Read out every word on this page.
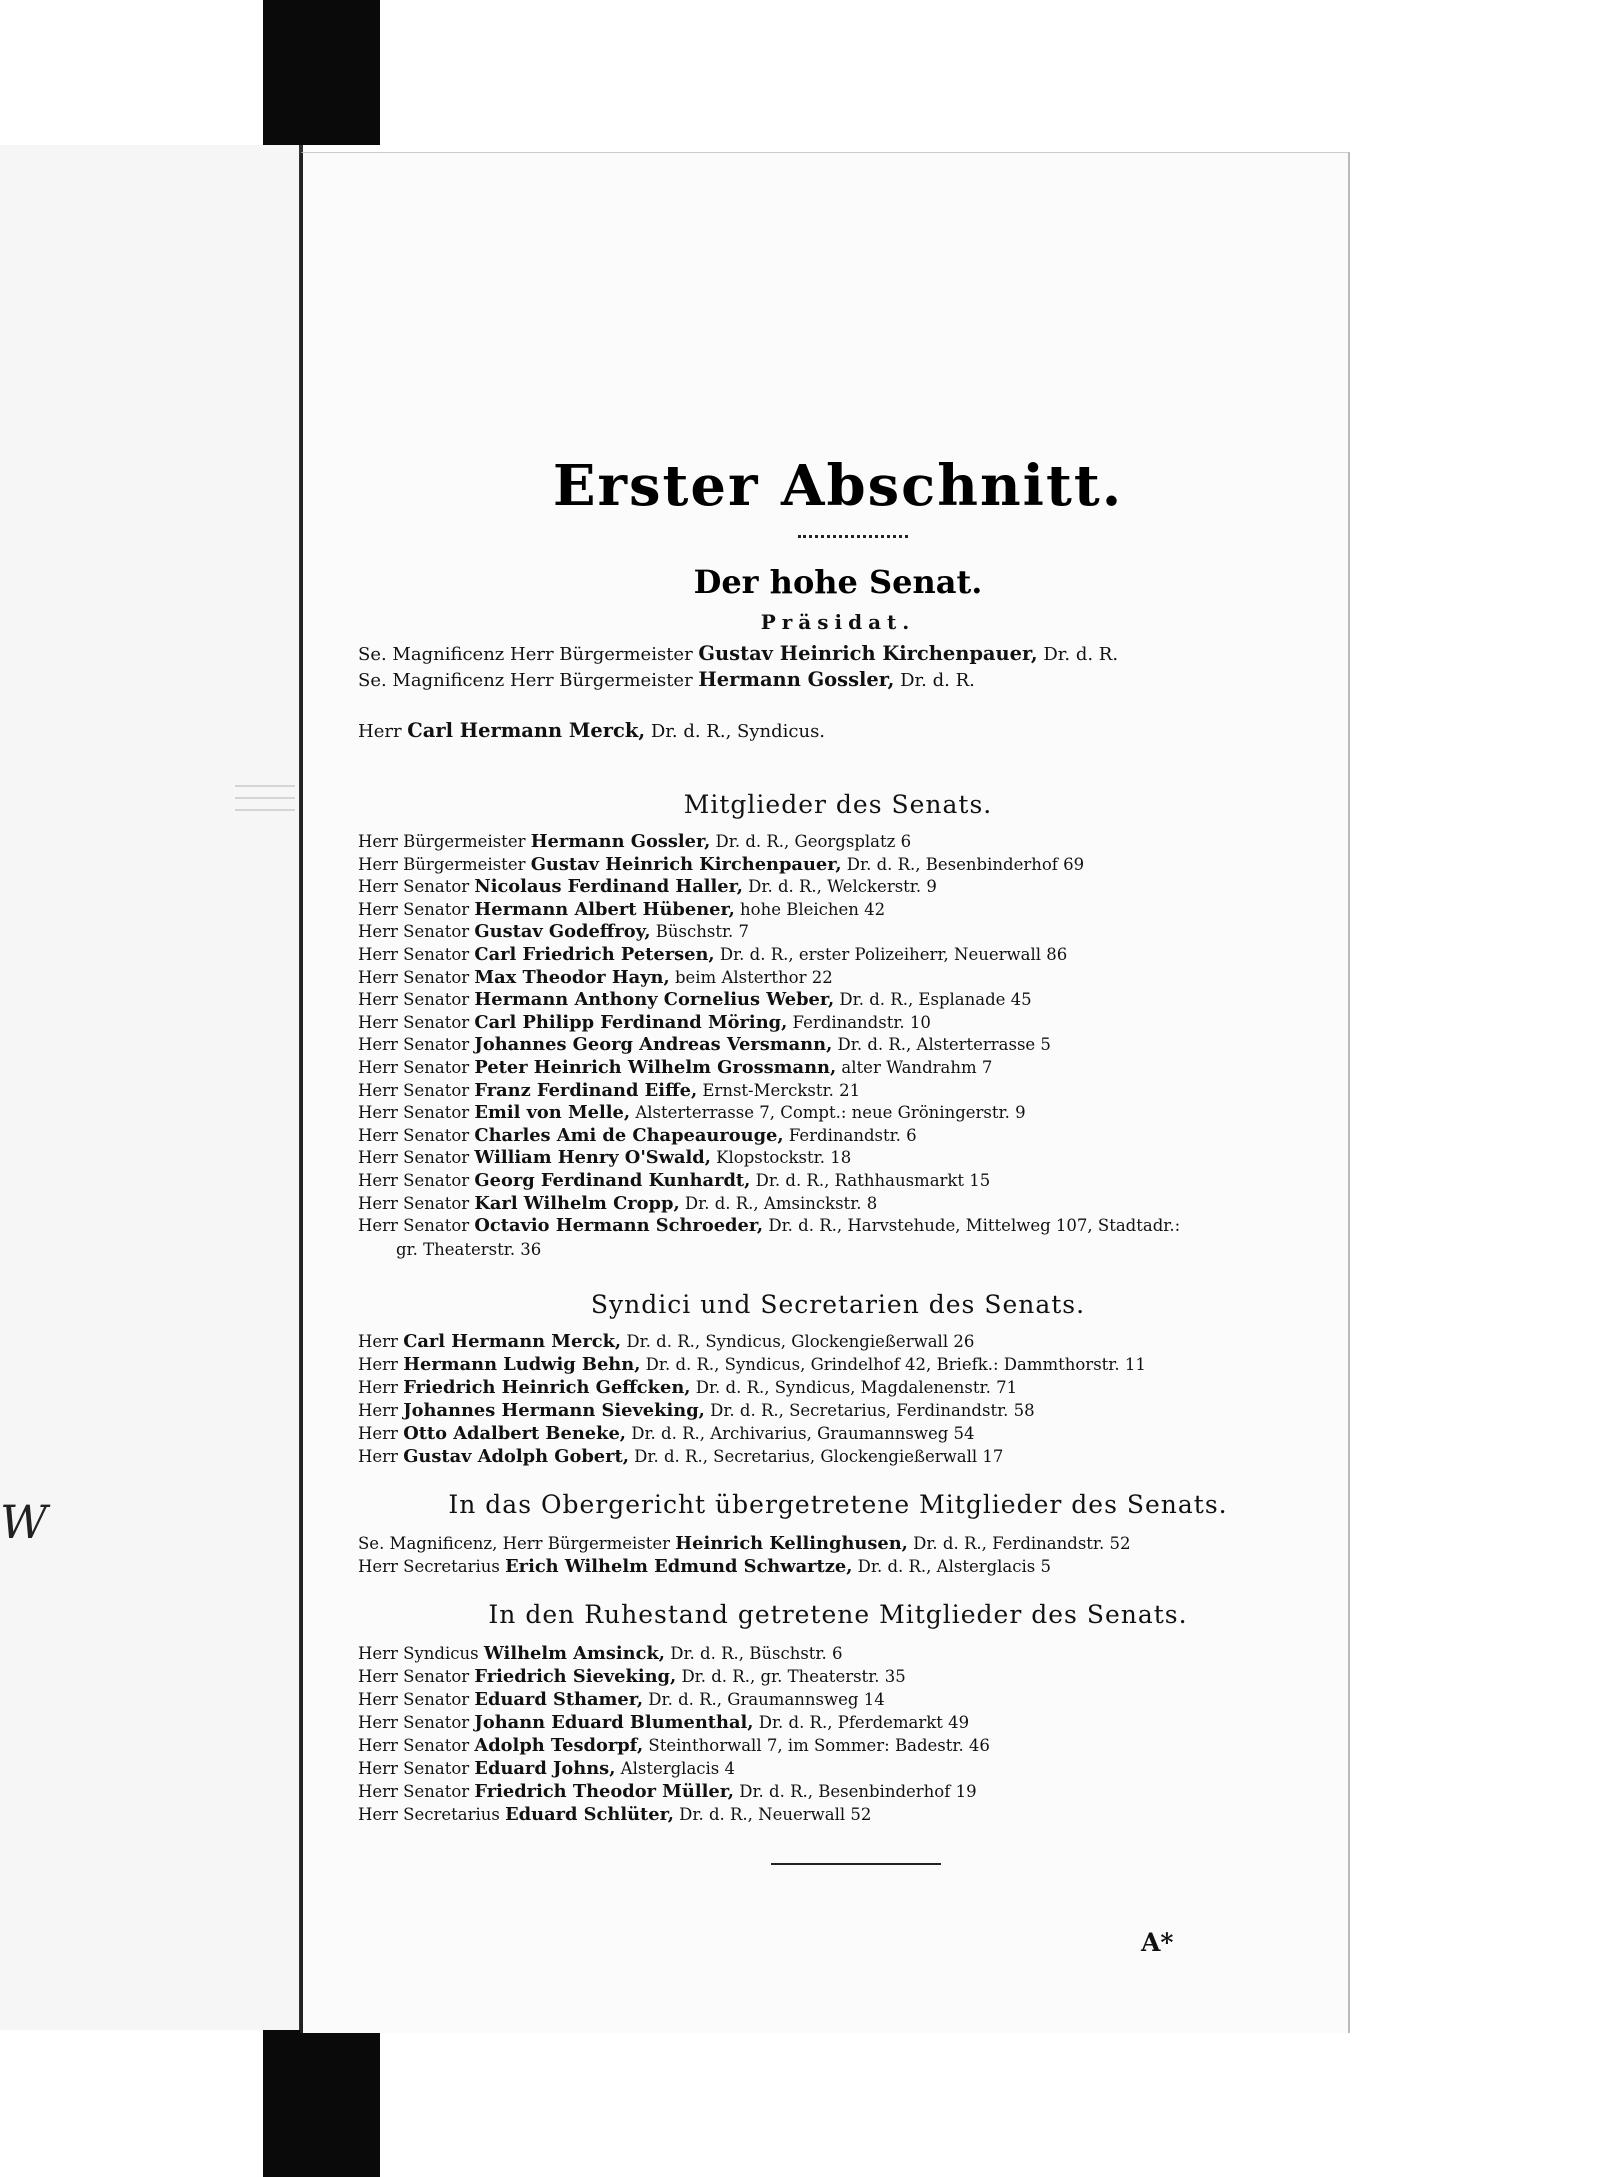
W
Erster Abschnitt.
Der hohe Senat.
Präsidat.
Se. Magnificenz Herr Bürgermeister Gustav Heinrich Kirchenpauer, Dr. d. R.
Se. Magnificenz Herr Bürgermeister Hermann Gossler, Dr. d. R.
Herr Carl Hermann Merck, Dr. d. R., Syndicus.
Mitglieder des Senats.
Herr Bürgermeister Hermann Gossler, Dr. d. R., Georgsplatz 6
Herr Bürgermeister Gustav Heinrich Kirchenpauer, Dr. d. R., Besenbinderhof 69
Herr Senator Nicolaus Ferdinand Haller, Dr. d. R., Welckerstr. 9
Herr Senator Hermann Albert Hübener, hohe Bleichen 42
Herr Senator Gustav Godeffroy, Büschstr. 7
Herr Senator Carl Friedrich Petersen, Dr. d. R., erster Polizeiherr, Neuerwall 86
Herr Senator Max Theodor Hayn, beim Alsterthor 22
Herr Senator Hermann Anthony Cornelius Weber, Dr. d. R., Esplanade 45
Herr Senator Carl Philipp Ferdinand Möring, Ferdinandstr. 10
Herr Senator Johannes Georg Andreas Versmann, Dr. d. R., Alsterterrasse 5
Herr Senator Peter Heinrich Wilhelm Grossmann, alter Wandrahm 7
Herr Senator Franz Ferdinand Eiffe, Ernst-Merckstr. 21
Herr Senator Emil von Melle, Alsterterrasse 7, Compt.: neue Gröningerstr. 9
Herr Senator Charles Ami de Chapeaurouge, Ferdinandstr. 6
Herr Senator William Henry O'Swald, Klopstockstr. 18
Herr Senator Georg Ferdinand Kunhardt, Dr. d. R., Rathhausmarkt 15
Herr Senator Karl Wilhelm Cropp, Dr. d. R., Amsinckstr. 8
Herr Senator Octavio Hermann Schroeder, Dr. d. R., Harvstehude, Mittelweg 107, Stadtadr.:
gr. Theaterstr. 36
Syndici und Secretarien des Senats.
Herr Carl Hermann Merck, Dr. d. R., Syndicus, Glockengießerwall 26
Herr Hermann Ludwig Behn, Dr. d. R., Syndicus, Grindelhof 42, Briefk.: Dammthorstr. 11
Herr Friedrich Heinrich Geffcken, Dr. d. R., Syndicus, Magdalenenstr. 71
Herr Johannes Hermann Sieveking, Dr. d. R., Secretarius, Ferdinandstr. 58
Herr Otto Adalbert Beneke, Dr. d. R., Archivarius, Graumannsweg 54
Herr Gustav Adolph Gobert, Dr. d. R., Secretarius, Glockengießerwall 17
In das Obergericht übergetretene Mitglieder des Senats.
Se. Magnificenz, Herr Bürgermeister Heinrich Kellinghusen, Dr. d. R., Ferdinandstr. 52
Herr Secretarius Erich Wilhelm Edmund Schwartze, Dr. d. R., Alsterglacis 5
In den Ruhestand getretene Mitglieder des Senats.
Herr Syndicus Wilhelm Amsinck, Dr. d. R., Büschstr. 6
Herr Senator Friedrich Sieveking, Dr. d. R., gr. Theaterstr. 35
Herr Senator Eduard Sthamer, Dr. d. R., Graumannsweg 14
Herr Senator Johann Eduard Blumenthal, Dr. d. R., Pferdemarkt 49
Herr Senator Adolph Tesdorpf, Steinthorwall 7, im Sommer: Badestr. 46
Herr Senator Eduard Johns, Alsterglacis 4
Herr Senator Friedrich Theodor Müller, Dr. d. R., Besenbinderhof 19
Herr Secretarius Eduard Schlüter, Dr. d. R., Neuerwall 52
A*
